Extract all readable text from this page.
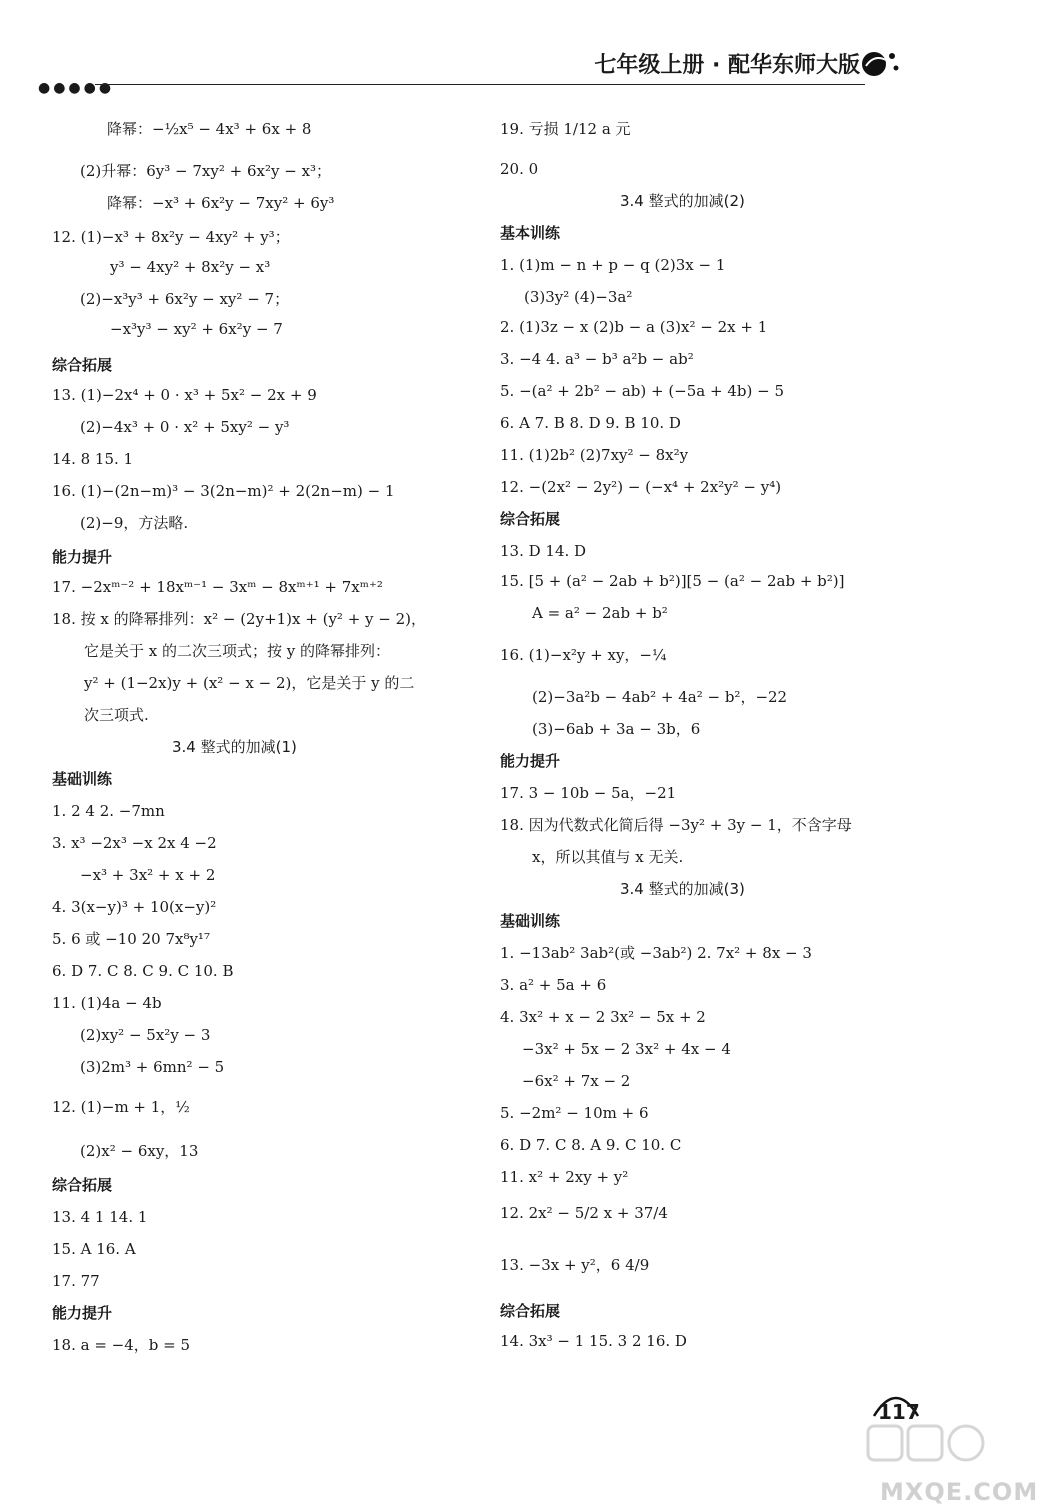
●●●●●
七年级上册 · 配华东师大版
降幂：−½x⁵ − 4x³ + 6x + 8
(2)升幂：6y³ − 7xy² + 6x²y − x³；
降幂：−x³ + 6x²y − 7xy² + 6y³
12. (1)−x³ + 8x²y − 4xy² + y³；
y³ − 4xy² + 8x²y − x³
(2)−x³y³ + 6x²y − xy² − 7；
−x³y³ − xy² + 6x²y − 7
综合拓展
13. (1)−2x⁴ + 0 · x³ + 5x² − 2x + 9
(2)−4x³ + 0 · x² + 5xy² − y³
14. 8 15. 1
16. (1)−(2n−m)³ − 3(2n−m)² + 2(2n−m) − 1
(2)−9，方法略.
能力提升
17. −2xᵐ⁻² + 18xᵐ⁻¹ − 3xᵐ − 8xᵐ⁺¹ + 7xᵐ⁺²
18. 按 x 的降幂排列：x² − (2y+1)x + (y² + y − 2)，
它是关于 x 的二次三项式；按 y 的降幂排列：
y² + (1−2x)y + (x² − x − 2)，它是关于 y 的二
次三项式.
3.4 整式的加减(1)
基础训练
1. 2 4 2. −7mn
3. x³ −2x³ −x 2x 4 −2
−x³ + 3x² + x + 2
4. 3(x−y)³ + 10(x−y)²
5. 6 或 −10 20 7x⁸y¹⁷
6. D 7. C 8. C 9. C 10. B
11. (1)4a − 4b
(2)xy² − 5x²y − 3
(3)2m³ + 6mn² − 5
12. (1)−m + 1，½
(2)x² − 6xy，13
综合拓展
13. 4 1 14. 1
15. A 16. A
17. 77
能力提升
18. a = −4，b = 5
19. 亏损 1/12 a 元
20. 0
3.4 整式的加减(2)
基本训练
1. (1)m − n + p − q (2)3x − 1
(3)3y² (4)−3a²
2. (1)3z − x (2)b − a (3)x² − 2x + 1
3. −4 4. a³ − b³ a²b − ab²
5. −(a² + 2b² − ab) + (−5a + 4b) − 5
6. A 7. B 8. D 9. B 10. D
11. (1)2b² (2)7xy² − 8x²y
12. −(2x² − 2y²) − (−x⁴ + 2x²y² − y⁴)
综合拓展
13. D 14. D
15. [5 + (a² − 2ab + b²)][5 − (a² − 2ab + b²)]
A = a² − 2ab + b²
16. (1)−x²y + xy，−¼
(2)−3a²b − 4ab² + 4a² − b²，−22
(3)−6ab + 3a − 3b，6
能力提升
17. 3 − 10b − 5a，−21
18. 因为代数式化简后得 −3y² + 3y − 1，不含字母
x，所以其值与 x 无关.
3.4 整式的加减(3)
基础训练
1. −13ab² 3ab²(或 −3ab²) 2. 7x² + 8x − 3
3. a² + 5a + 6
4. 3x² + x − 2 3x² − 5x + 2
−3x² + 5x − 2 3x² + 4x − 4
−6x² + 7x − 2
5. −2m² − 10m + 6
6. D 7. C 8. A 9. C 10. C
11. x² + 2xy + y²
12. 2x² − 5/2 x + 37/4
13. −3x + y²，6 4/9
综合拓展
14. 3x³ − 1 15. 3 2 16. D
117
MXQE.COM
